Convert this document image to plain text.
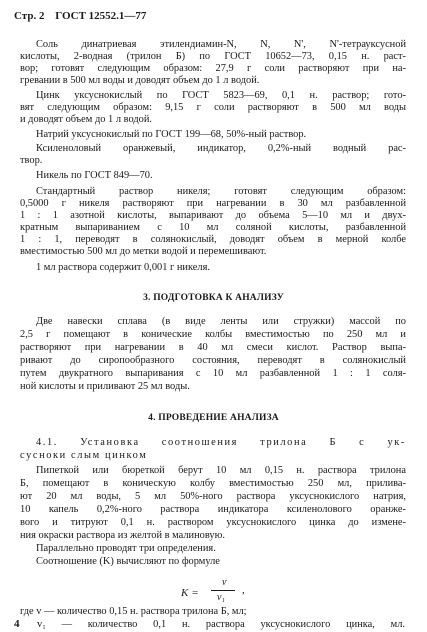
Стр. 2 ГОСТ 12552.1—77
Соль динатриевая этилендиамин-N, N, N', N'-тетрауксусной
кислоты, 2-водная (трилон Б) по ГОСТ 10652—73, 0,15 н. раст-
вор; готовят следующим образом: 27,9 г соли растворяют при на-
гревании в 500 мл воды и доводят объем до 1 л водой.
Цинк уксуснокислый по ГОСТ 5823—69, 0,1 н. раствор; гото-
вят следующим образом: 9,15 г соли растворяют в 500 мл воды
и доводят объем до 1 л водой.
Натрий уксуснокислый по ГОСТ 199—68, 50%-ный раствор.
Ксиленоловый оранжевый, индикатор, 0,2%-ный водный рас-
твор.
Никель по ГОСТ 849—70.
Стандартный раствор никеля; готовят следующим образом:
0,5000 г никеля растворяют при нагревании в 30 мл разбавленной
1 : 1 азотной кислоты, выпаривают до объема 5—10 мл и двух-
кратным выпариванием с 10 мл соляной кислоты, разбавленной
1 : 1, переводят в солянокислый, доводят объем в мерной колбе
вместимостью 500 мл до метки водой и перемешивают.
1 мл раствора содержит 0,001 г никеля.
3. ПОДГОТОВКА К АНАЛИЗУ
Две навески сплава (в виде ленты или стружки) массой по
2,5 г помещают в конические колбы вместимостью по 250 мл и
растворяют при нагревании в 40 мл смеси кислот. Раствор выпа-
ривают до сиропообразного состояния, переводят в солянокислый
путем двукратного выпаривания с 10 мл разбавленной 1 : 1 соля-
ной кислоты и приливают 25 мл воды.
4. ПРОВЕДЕНИЕ АНАЛИЗА
4.1. Установка соотношения трилона Б с ук-
сусноки слым цинком
Пипеткой или бюреткой берут 10 мл 0,15 н. раствора трилона
Б, помещают в коническую колбу вместимостью 250 мл, прилива-
ют 20 мл воды, 5 мл 50%-ного раствора уксуснокислого натрия,
10 капель 0,2%-ного раствора индикатора ксиленолового оранже-
вого и титруют 0,1 н. раствором уксуснокислого цинка до измене-
ния окраски раствора из желтой в малиновую.
Параллельно проводят три определения.
Соотношение (K) вычисляют по формуле
K =
v
v₁
,
где v — количество 0,15 н. раствора трилона Б, мл;
v₁ — количество 0,1 н. раствора уксуснокислого цинка, мл.
4
